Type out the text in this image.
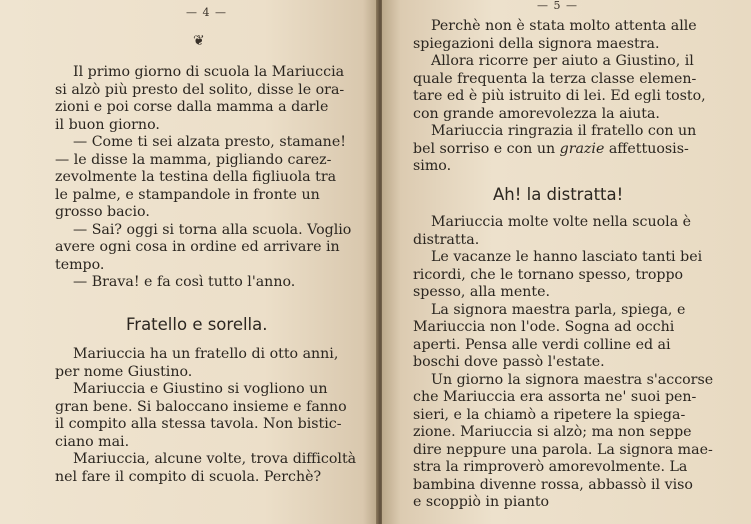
— 4 —
❦

Il primo giorno di scuola la Mariuccia
si alzò più presto del solito, disse le ora-
zioni e poi corse dalla mamma a darle
il buon giorno.

— Come ti sei alzata presto, stamane!
— le disse la mamma, pigliando carez-
zevolmente la testina della figliuola tra
le palme, e stampandole in fronte un
grosso bacio.

— Sai? oggi si torna alla scuola. Voglio
avere ogni cosa in ordine ed arrivare in
tempo.

— Brava! e fa così tutto l'anno.

Fratello e sorella.

Mariuccia ha un fratello di otto anni,
per nome Giustino.

Mariuccia e Giustino si vogliono un
gran bene. Si baloccano insieme e fanno
il compito alla stessa tavola. Non bistic-
ciano mai.

Mariuccia, alcune volte, trova difficoltà
nel fare il compito di scuola. Perchè?

— 5 —

Perchè non è stata molto attenta alle
spiegazioni della signora maestra.

Allora ricorre per aiuto a Giustino, il
quale frequenta la terza classe elemen-
tare ed è più istruito di lei. Ed egli tosto,
con grande amorevolezza la aiuta.

Mariuccia ringrazia il fratello con un
bel sorriso e con un grazie affettuosis-
simo.

Ah! la distratta!

Mariuccia molte volte nella scuola è
distratta.

Le vacanze le hanno lasciato tanti bei
ricordi, che le tornano spesso, troppo
spesso, alla mente.

La signora maestra parla, spiega, e
Mariuccia non l'ode. Sogna ad occhi
aperti. Pensa alle verdi colline ed ai
boschi dove passò l'estate.

Un giorno la signora maestra s'accorse
che Mariuccia era assorta ne' suoi pen-
sieri, e la chiamò a ripetere la spiega-
zione. Mariuccia si alzò; ma non seppe
dire neppure una parola. La signora mae-
stra la rimproverò amorevolmente. La
bambina divenne rossa, abbassò il viso
e scoppiò in pianto
